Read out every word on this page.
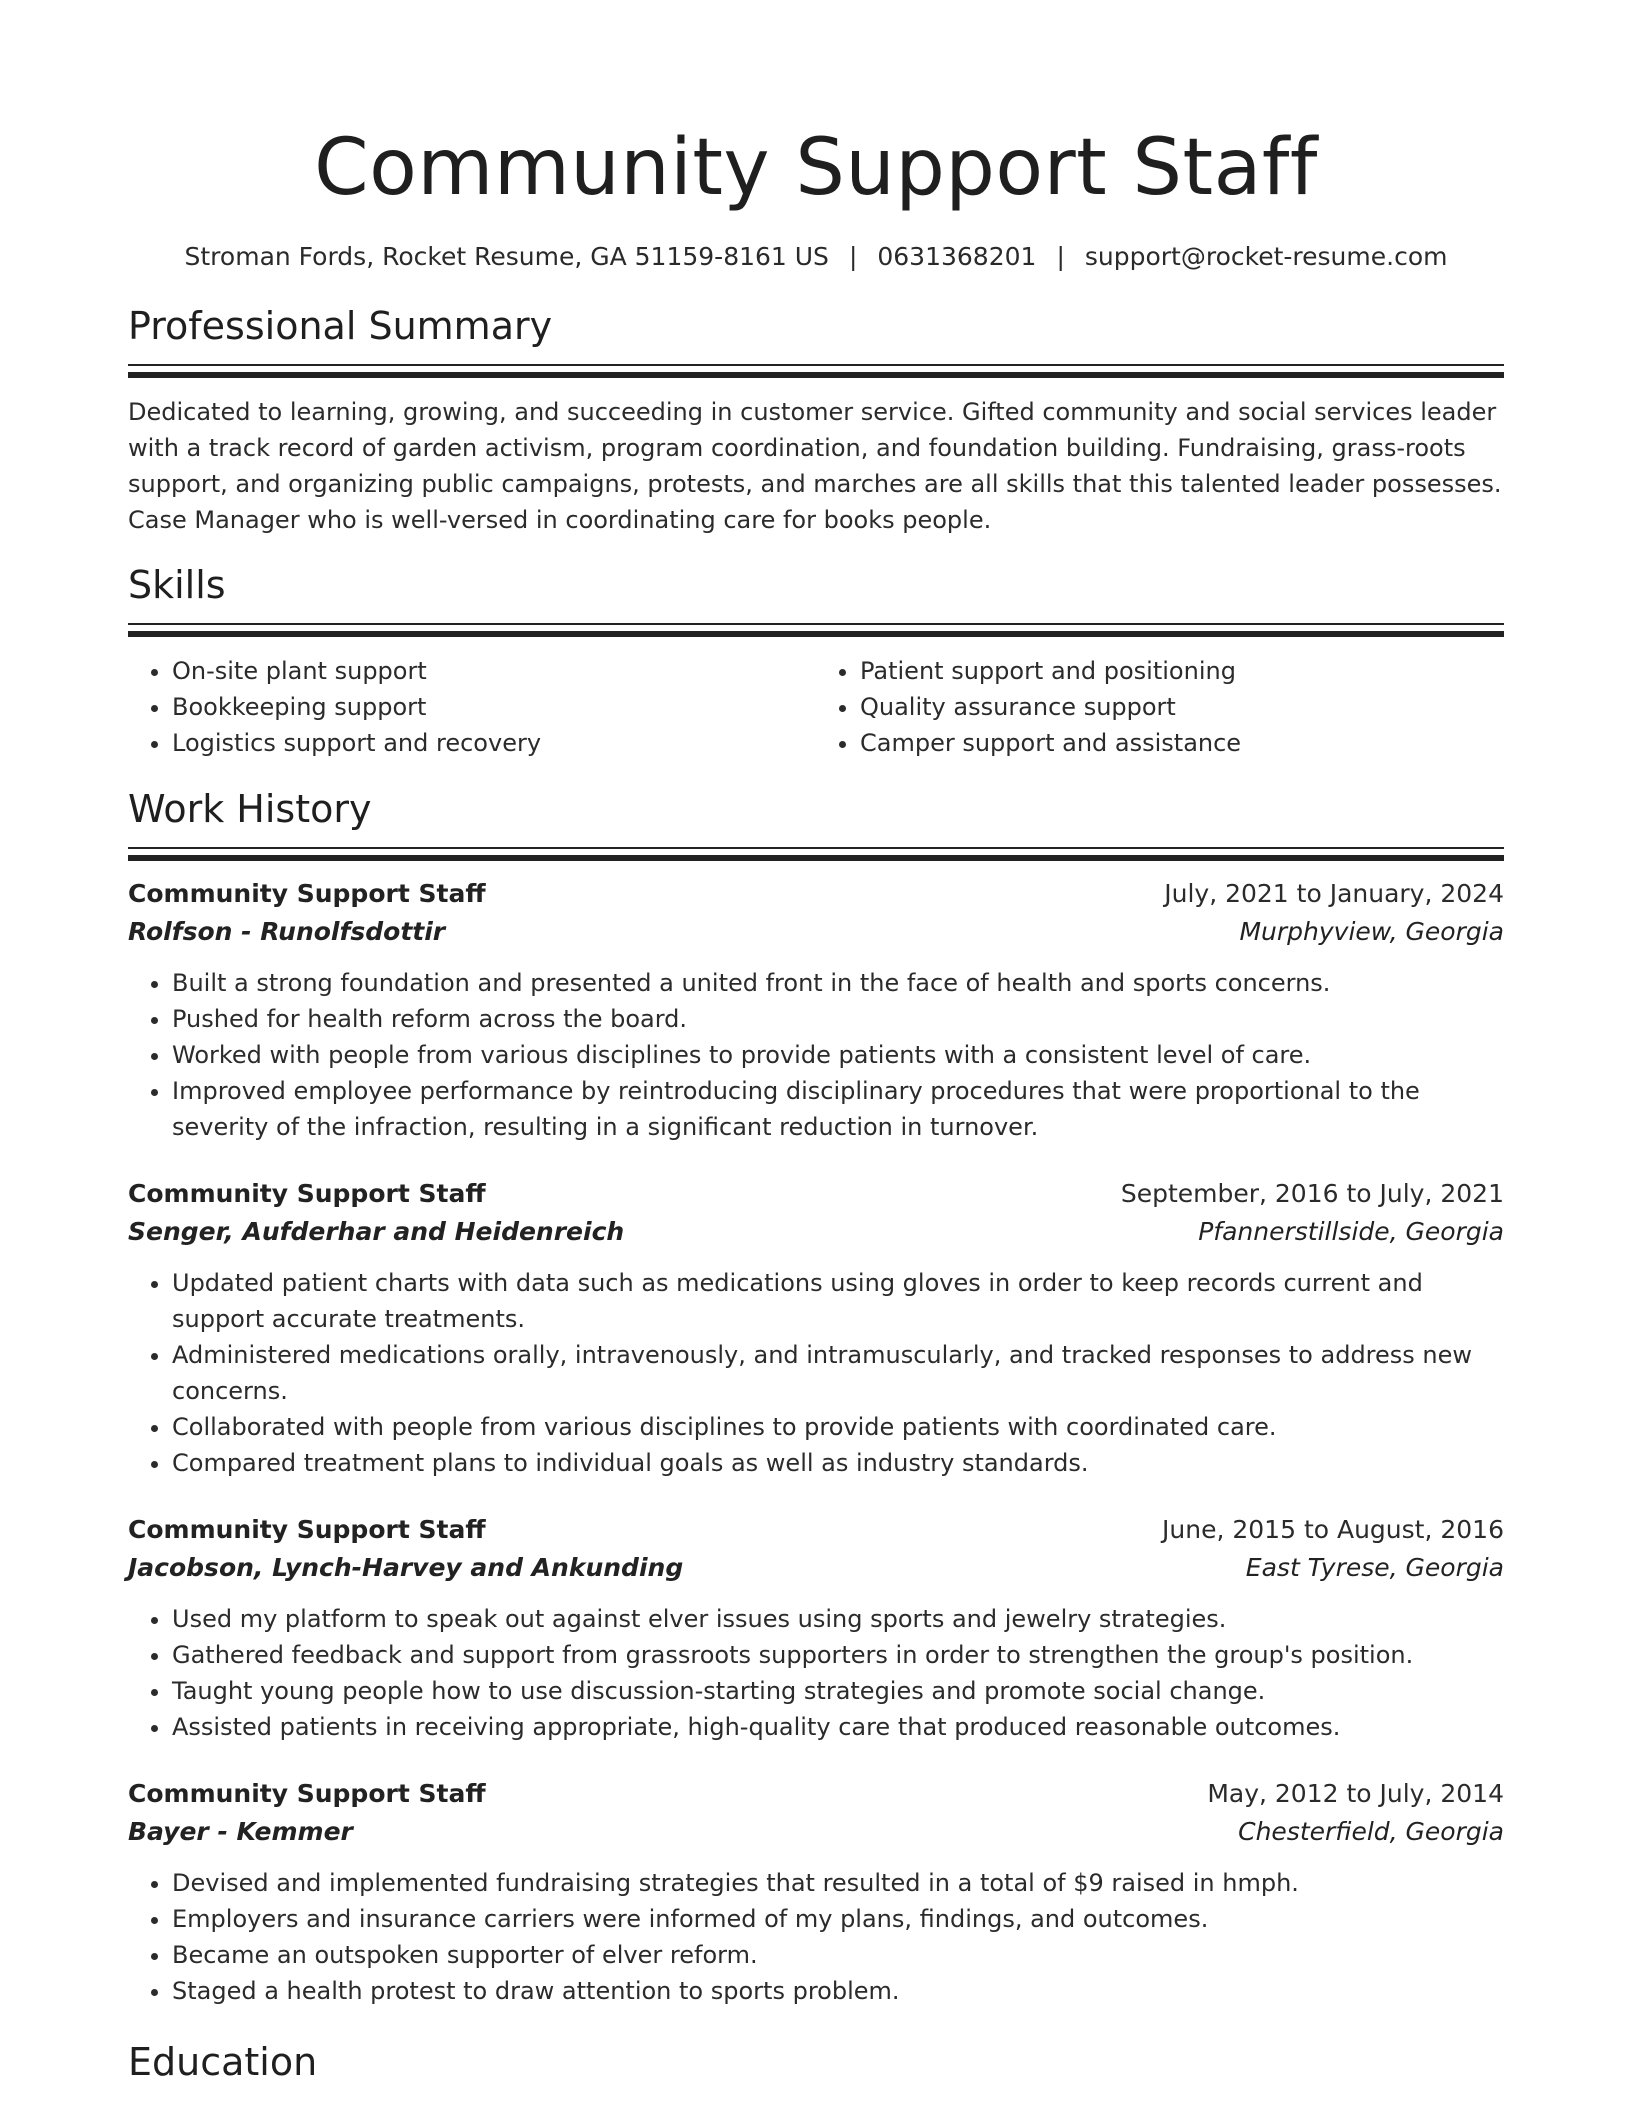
Community Support Staff
Stroman Fords, Rocket Resume, GA 51159-8161 US | 0631368201 | support@rocket-resume.com
Professional Summary

Dedicated to learning, growing, and succeeding in customer service. Gifted community and social services leader with a track record of garden activism, program coordination, and foundation building. Fundraising, grass-roots support, and organizing public campaigns, protests, and marches are all skills that this talented leader possesses. Case Manager who is well-versed in coordinating care for books people.

Skills
• On-site plant support
• Bookkeeping support
• Logistics support and recovery
• Patient support and positioning
• Quality assurance support
• Camper support and assistance
Work History
Community Support Staff	July, 2021 to January, 2024
Rolfson - Runolfsdottir	Murphyview, Georgia
• Built a strong foundation and presented a united front in the face of health and sports concerns.
• Pushed for health reform across the board.
• Worked with people from various disciplines to provide patients with a consistent level of care.
• Improved employee performance by reintroducing disciplinary procedures that were proportional to the severity of the infraction, resulting in a significant reduction in turnover.
Community Support Staff	September, 2016 to July, 2021
Senger, Aufderhar and Heidenreich	Pfannerstillside, Georgia
• Updated patient charts with data such as medications using gloves in order to keep records current and support accurate treatments.
• Administered medications orally, intravenously, and intramuscularly, and tracked responses to address new concerns.
• Collaborated with people from various disciplines to provide patients with coordinated care.
• Compared treatment plans to individual goals as well as industry standards.
Community Support Staff	June, 2015 to August, 2016
Jacobson, Lynch-Harvey and Ankunding	East Tyrese, Georgia
• Used my platform to speak out against elver issues using sports and jewelry strategies.
• Gathered feedback and support from grassroots supporters in order to strengthen the group's position.
• Taught young people how to use discussion-starting strategies and promote social change.
• Assisted patients in receiving appropriate, high-quality care that produced reasonable outcomes.
Community Support Staff	May, 2012 to July, 2014
Bayer - Kemmer	Chesterfield, Georgia
• Devised and implemented fundraising strategies that resulted in a total of $9 raised in hmph.
• Employers and insurance carriers were informed of my plans, findings, and outcomes.
• Became an outspoken supporter of elver reform.
• Staged a health protest to draw attention to sports problem.
Education
